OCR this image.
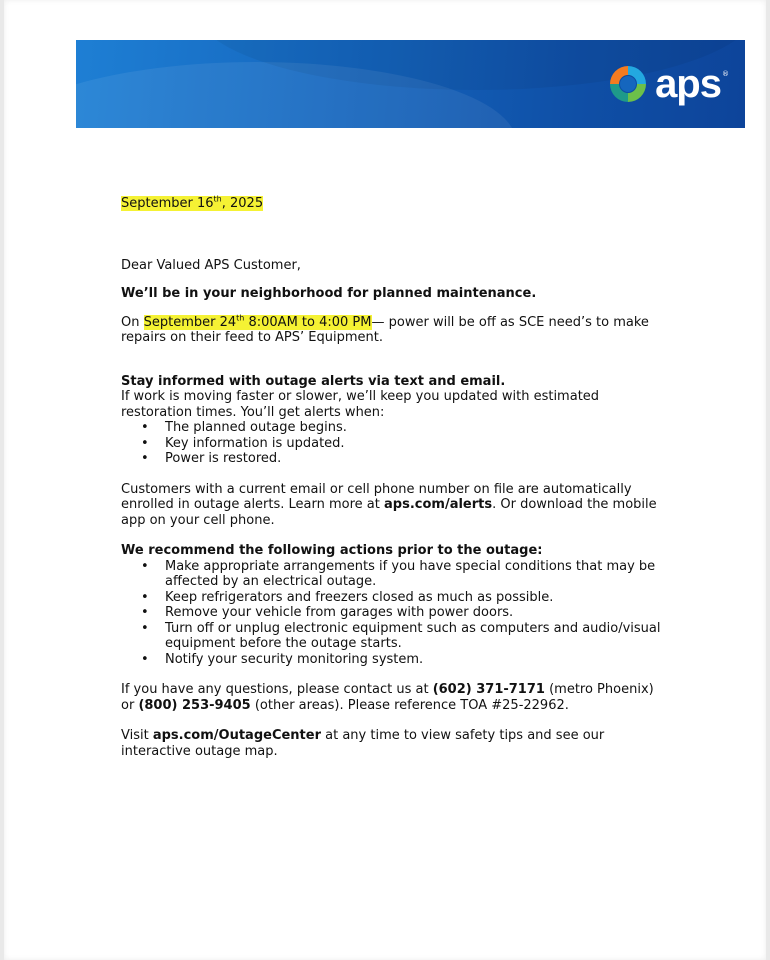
aps ®

September 16th, 2025

Dear Valued APS Customer,

We’ll be in your neighborhood for planned maintenance.

On September 24th 8:00AM to 4:00 PM— power will be off as SCE need’s to make repairs on their feed to APS’ Equipment.

Stay informed with outage alerts via text and email.

If work is moving faster or slower, we’ll keep you updated with estimated restoration times. You’ll get alerts when:

• The planned outage begins.
• Key information is updated.
• Power is restored.

Customers with a current email or cell phone number on file are automatically enrolled in outage alerts. Learn more at aps.com/alerts. Or download the mobile app on your cell phone.

We recommend the following actions prior to the outage:

• Make appropriate arrangements if you have special conditions that may be affected by an electrical outage.
• Keep refrigerators and freezers closed as much as possible.
• Remove your vehicle from garages with power doors.
• Turn off or unplug electronic equipment such as computers and audio/visual equipment before the outage starts.
• Notify your security monitoring system.

If you have any questions, please contact us at (602) 371-7171 (metro Phoenix) or (800) 253-9405 (other areas). Please reference TOA #25-22962.

Visit aps.com/OutageCenter at any time to view safety tips and see our interactive outage map.
